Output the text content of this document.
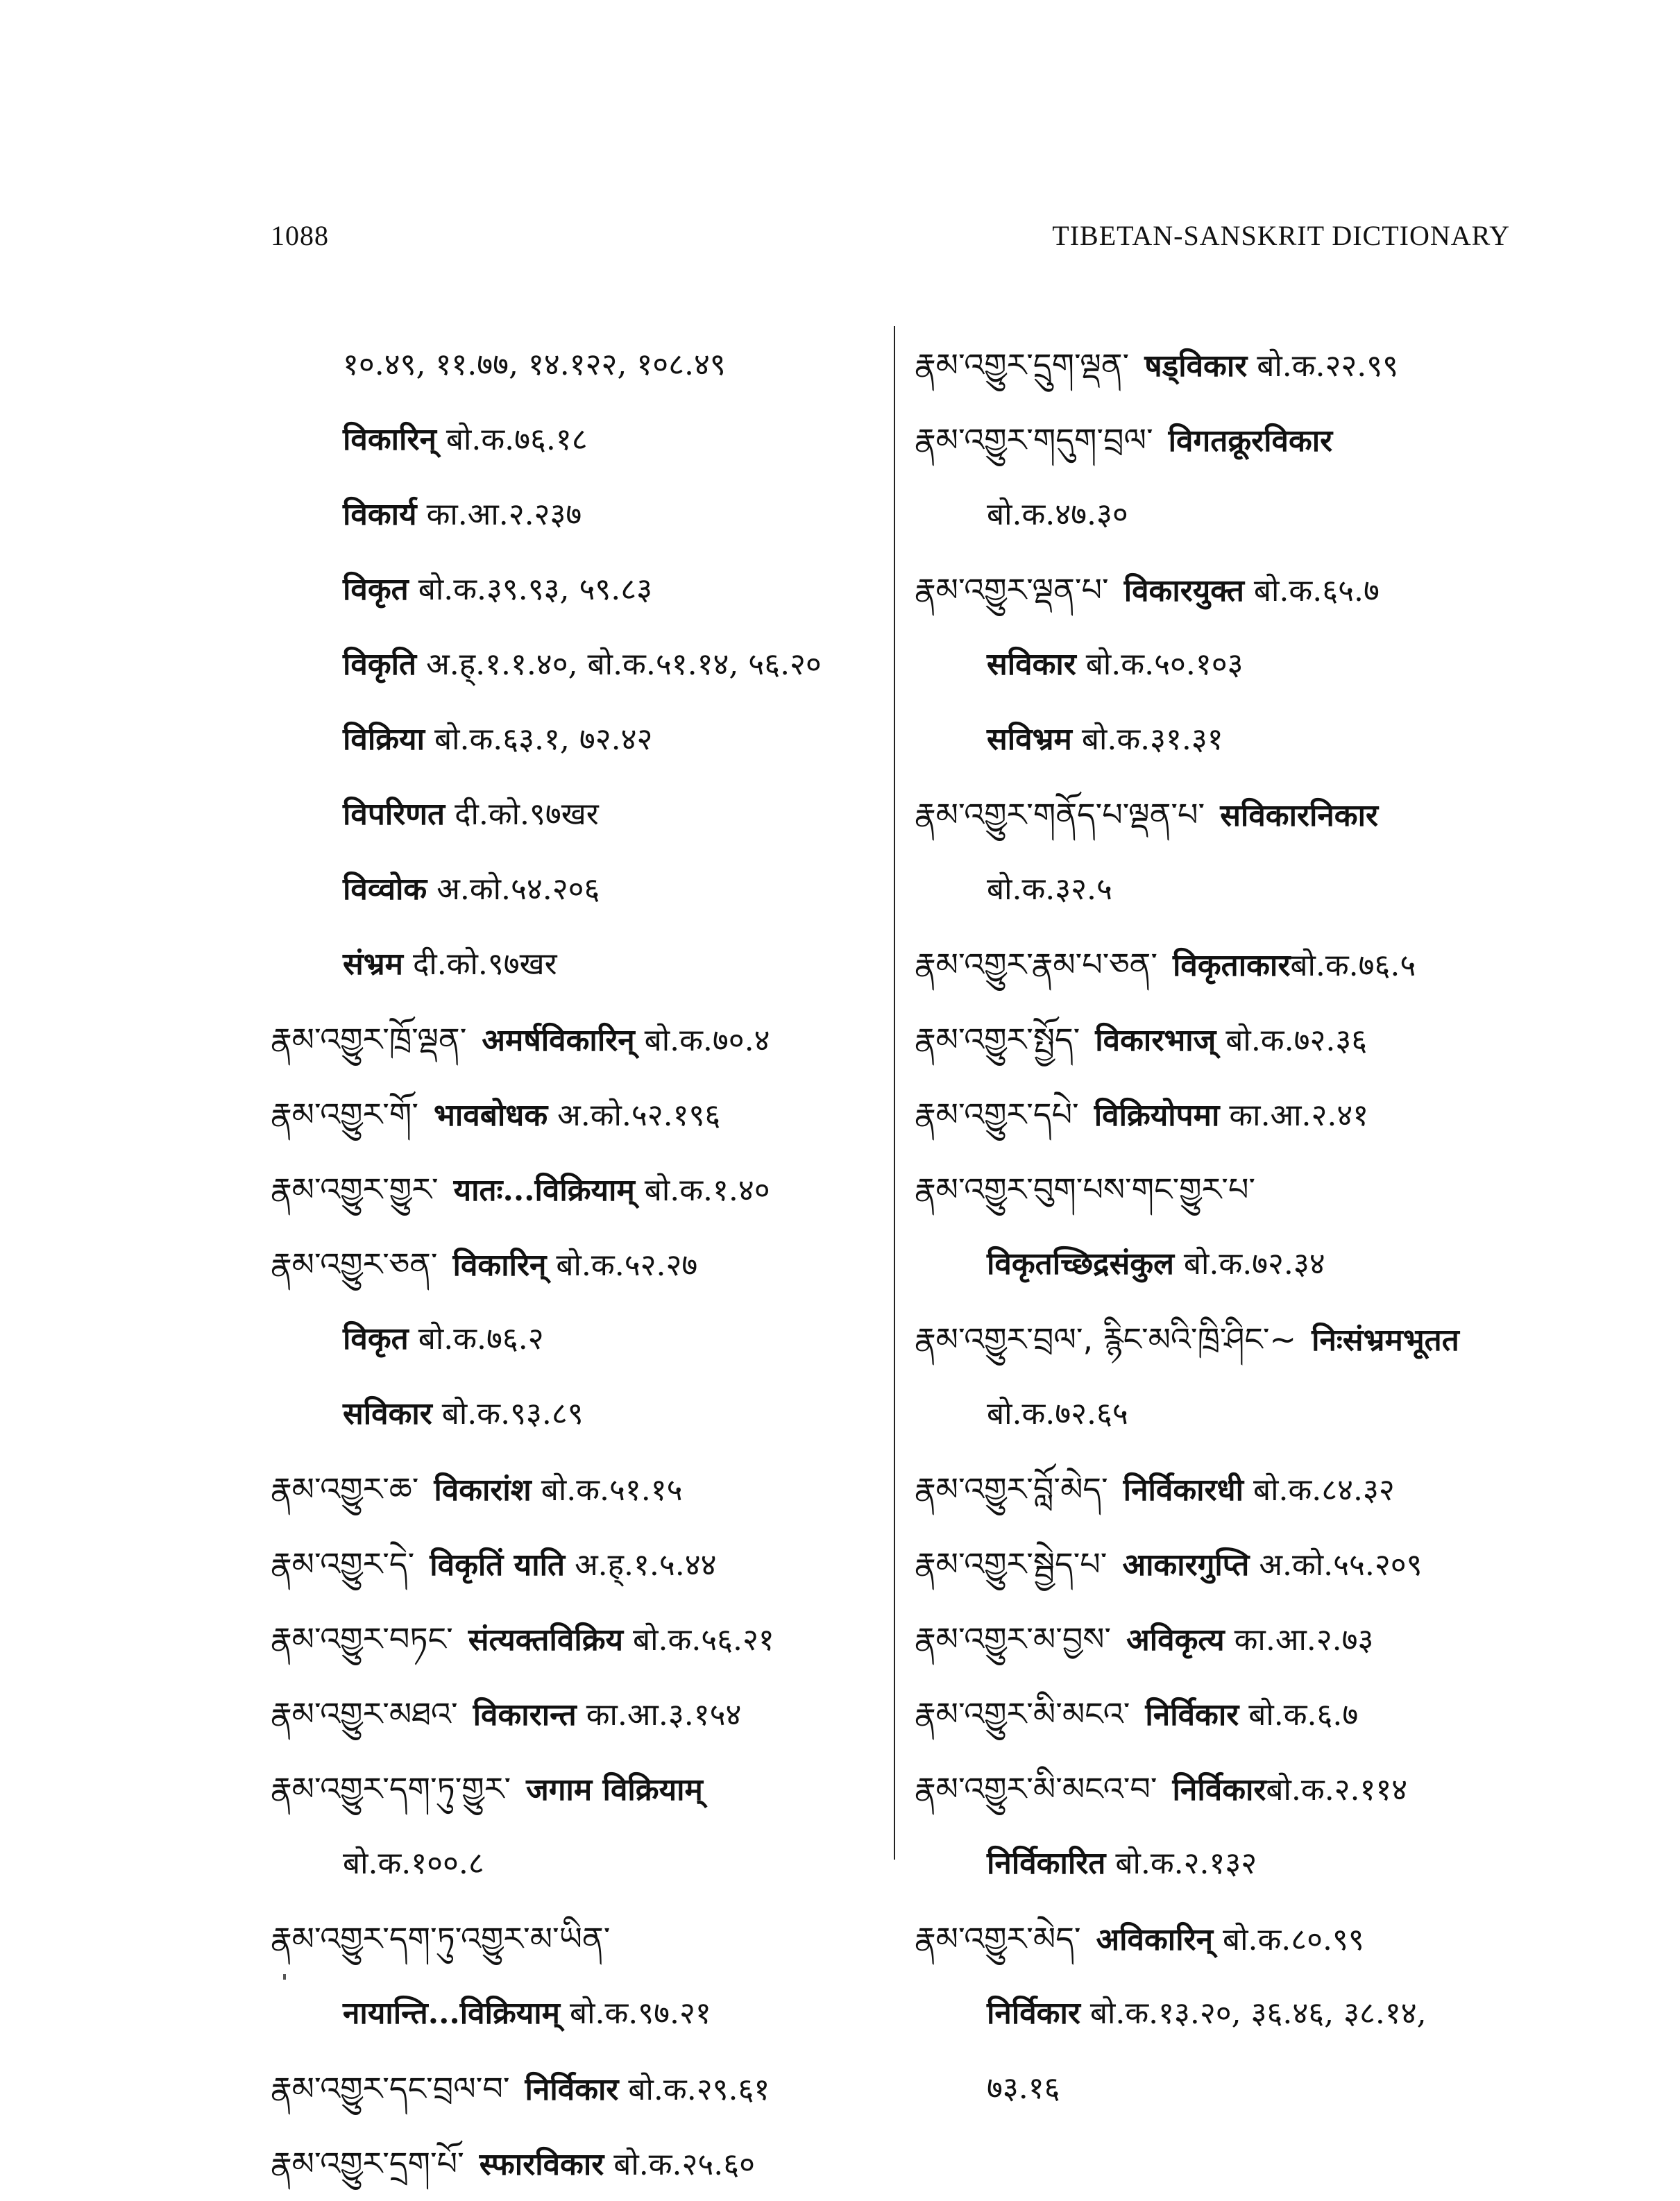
1088	TIBETAN-SANSKRIT DICTIONARY
१०.४९, ११.७७, १४.१२२, १०८.४९
विकारिन् बो.क.७६.१८
विकार्य का.आ.२.२३७
विकृत बो.क.३९.९३, ५९.८३
विकृति अ.ह्.१.१.४०, बो.क.५१.१४, ५६.२०
विक्रिया बो.क.६३.१, ७२.४२
विपरिणत दी.को.९७खर
विव्वोक अ.को.५४.२०६
संभ्रम दी.को.९७खर
རྣམ་འགྱུར་ཁྲོ་ལྡན་ अमर्षविकारिन् बो.क.७०.४
རྣམ་འགྱུར་གོ་ भावबोधक अ.को.५२.१९६
རྣམ་འགྱུར་གྱུར་ यातः...विक्रियाम् बो.क.१.४०
རྣམ་འགྱུར་ཅན་ विकारिन् बो.क.५२.२७
विकृत बो.क.७६.२
सविकार बो.क.९३.८९
རྣམ་འགྱུར་ཆ་ विकारांश बो.क.५१.१५
རྣམ་འགྱུར་དེ་ विकृतिं याति अ.ह्.१.५.४४
རྣམ་འགྱུར་བཏང་ संत्यक्तविक्रिय बो.क.५६.२१
རྣམ་འགྱུར་མཐའ་ विकारान्त का.आ.३.१५४
རྣམ་འགྱུར་དག་ཏུ་གྱུར་ जगाम विक्रियाम्
बो.क.१००.८
རྣམ་འགྱུར་དག་ཏུ་འགྱུར་མ་ཡིན་
नायान्ति...विक्रियाम् बो.क.९७.२१
རྣམ་འགྱུར་དང་བྲལ་བ་ निर्विकार बो.क.२९.६१
རྣམ་འགྱུར་དྲག་པོ་ स्फारविकार बो.क.२५.६०
རྣམ་འགྱུར་དྲུག་ལྡན་ षड्विकार बो.क.२२.९९
རྣམ་འགྱུར་གདུག་བྲལ་ विगतक्रूरविकार
बो.क.४७.३०
རྣམ་འགྱུར་ལྡན་པ་ विकारयुक्त बो.क.६५.७
सविकार बो.क.५०.१०३
सविभ्रम बो.क.३१.३१
རྣམ་འགྱུར་གནོད་པ་ལྡན་པ་ सविकारनिकार
बो.क.३२.५
རྣམ་འགྱུར་རྣམ་པ་ཅན་ विकृताकारबो.क.७६.५
རྣམ་འགྱུར་སྤྱོད་ विकारभाज् बो.क.७२.३६
རྣམ་འགྱུར་དཔེ་ विक्रियोपमा का.आ.२.४१
རྣམ་འགྱུར་བུག་པས་གང་གྱུར་པ་
विकृतच्छिद्रसंकुल बो.क.७२.३४
རྣམ་འགྱུར་བྲལ་, རྙིང་མའི་ཁྲི་ཤིང་~ निःसंभ्रमभूतत
बो.क.७२.६५
རྣམ་འགྱུར་བློ་མེད་ निर्विकारधी बो.क.८४.३२
རྣམ་འགྱུར་སྦྱེད་པ་ आकारगुप्ति अ.को.५५.२०९
རྣམ་འགྱུར་མ་བྱས་ अविकृत्य का.आ.२.७३
རྣམ་འགྱུར་མི་མངའ་ निर्विकार बो.क.६.७
རྣམ་འགྱུར་མི་མངའ་བ་ निर्विकारबो.क.२.११४
निर्विकारित बो.क.२.१३२
རྣམ་འགྱུར་མེད་ अविकारिन् बो.क.८०.९९
निर्विकार बो.क.१३.२०, ३६.४६, ३८.१४,
७३.१६
